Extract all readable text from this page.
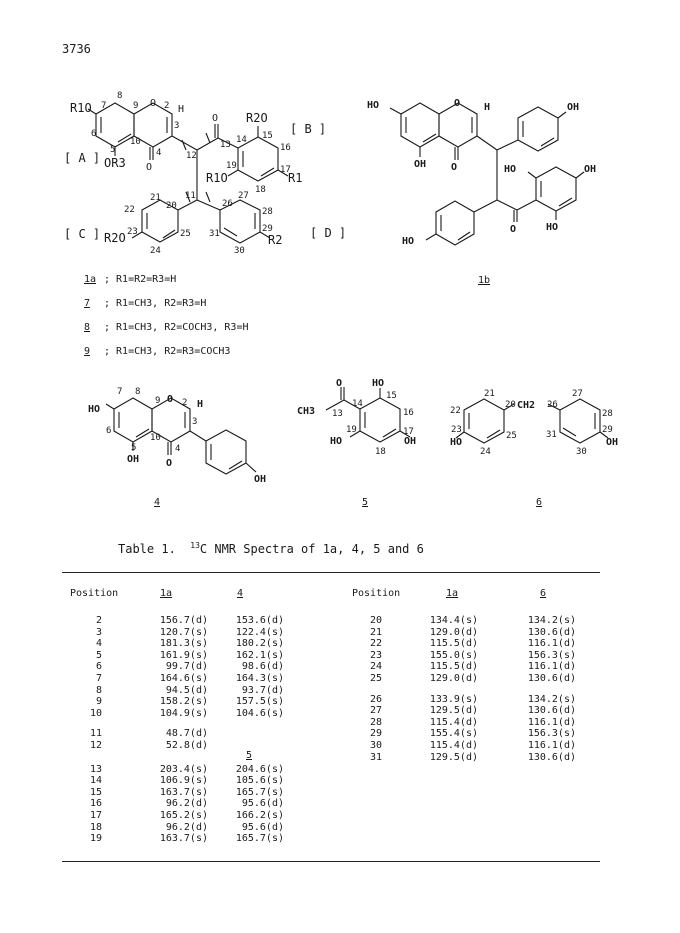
3736
R1O
8
O 2 H
7	9
6
3
10
5	4
O
OR3
[ A ]
O
12
13 14
R2O
15 [ B ]
16
17
R1
18
19
R1O
11
21
22	20
23
R2O
[ C ]
24
25
26
27
28
29
R2 [ D ]
30
31
HO	O H
OH O
OH
HO	OH
O	HO
HO
1b
1a ; R1=R2=R3=H
7 ; R1=CH3, R2=R3=H
8 ; R1=CH3, R2=COCH3, R3=H
9 ; R1=CH3, R2=R3=COCH3
HO
O H
OH	O
OH
7 8
9 2
3
6
10
5	4
4
O
CH3
HO
HO	OH
13
14
15
16
17
18
19
5
CH2
HO	OH
20
21
22
23
24
25
26
27
28
29
30
31
6
Table 1. $^{13}$C NMR Spectra of 1a, 4, 5 and 6
Position	1a	4	Position	1a	6
5
2	156.7(d)	153.6(d)
3	120.7(s)	122.4(s)
4	181.3(s)	180.2(s)
5	161.9(s)	162.1(s)
6	99.7(d)	98.6(d)
7	164.6(s)	164.3(s)
8	94.5(d)	93.7(d)
9	158.2(s)	157.5(s)
10	104.9(s)	104.6(s)
11	48.7(d)
12	52.8(d)
13	203.4(s)	204.6(s)
14	106.9(s)	105.6(s)
15	163.7(s)	165.7(s)
16	96.2(d)	95.6(d)
17	165.2(s)	166.2(s)
18	96.2(d)	95.6(d)
19	163.7(s)	165.7(s)
20	134.4(s)	134.2(s)
21	129.0(d)	130.6(d)
22	115.5(d)	116.1(d)
23	155.0(s)	156.3(s)
24	115.5(d)	116.1(d)
25	129.0(d)	130.6(d)
26	133.9(s)	134.2(s)
27	129.5(d)	130.6(d)
28	115.4(d)	116.1(d)
29	155.4(s)	156.3(s)
30	115.4(d)	116.1(d)
31	129.5(d)	130.6(d)
